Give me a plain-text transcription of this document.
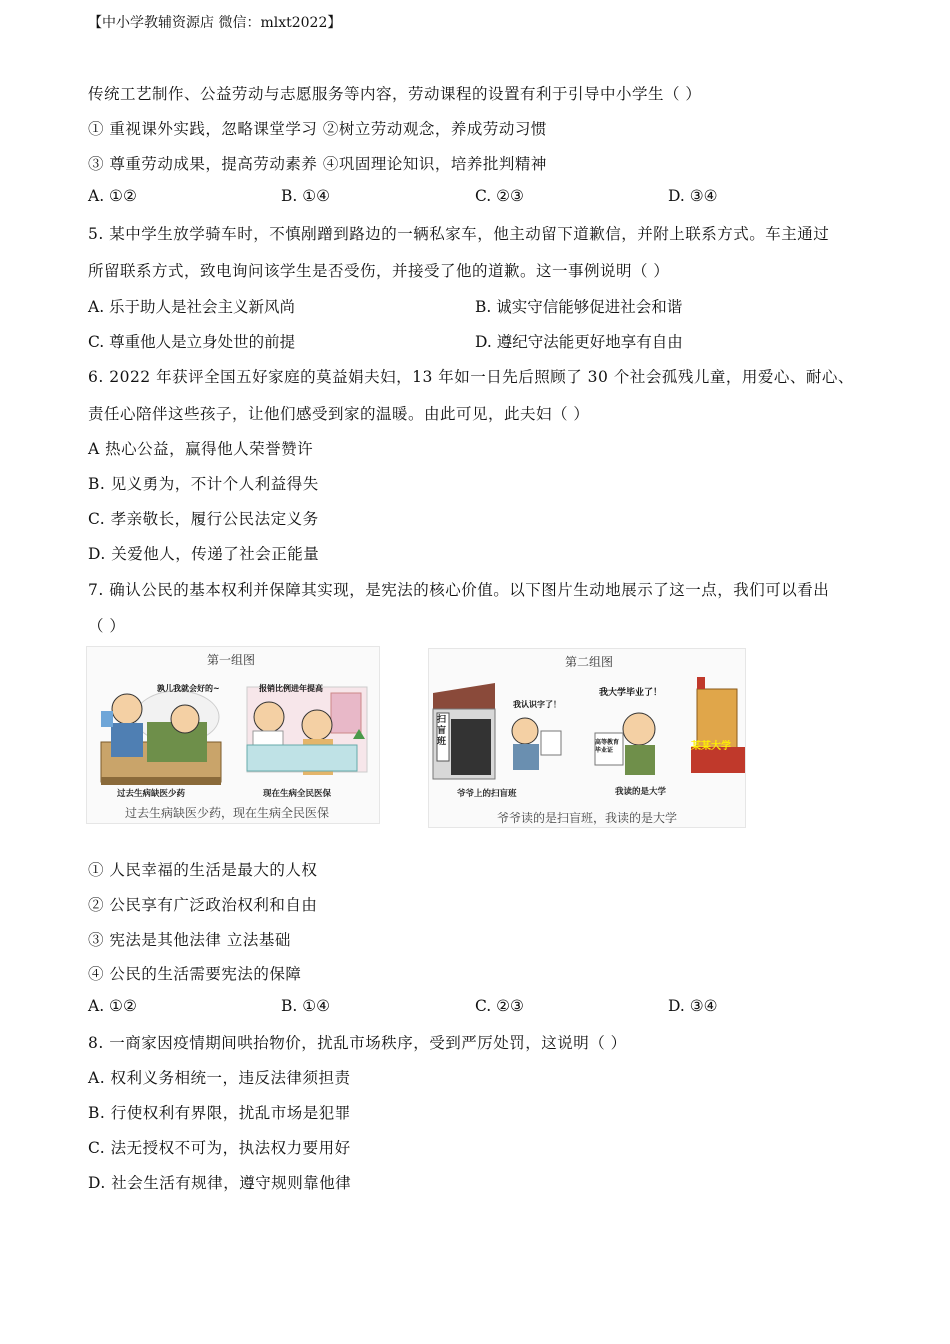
【中小学教辅资源店 微信：mlxt2022】
传统工艺制作、公益劳动与志愿服务等内容，劳动课程的设置有利于引导中小学生（ ）
① 重视课外实践，忽略课堂学习 ②树立劳动观念，养成劳动习惯
③ 尊重劳动成果，提高劳动素养 ④巩固理论知识，培养批判精神
A. ①②	B. ①④	C. ②③	D. ③④
5. 某中学生放学骑车时，不慎剐蹭到路边的一辆私家车，他主动留下道歉信，并附上联系方式。车主通过
所留联系方式，致电询问该学生是否受伤，并接受了他的道歉。这一事例说明（ ）
A. 乐于助人是社会主义新风尚	B. 诚实守信能够促进社会和谐
C. 尊重他人是立身处世的前提	D. 遵纪守法能更好地享有自由
6. 2022 年获评全国五好家庭的莫益娟夫妇，13 年如一日先后照顾了 30 个社会孤残儿童，用爱心、耐心、
责任心陪伴这些孩子，让他们感受到家的温暖。由此可见，此夫妇（ ）
A 热心公益，赢得他人荣誉赞许
B. 见义勇为，不计个人利益得失
C. 孝亲敬长，履行公民法定义务
D. 关爱他人，传递了社会正能量
7. 确认公民的基本权利并保障其实现，是宪法的核心价值。以下图片生动地展示了这一点，我们可以看出
（ ）
第一组图
孰儿我就会好的~	报销比例进年提高
过去生病缺医少药	现在生病全民医保
过去生病缺医少药，现在生病全民医保
第二组图
扫盲班
我认识字了！
我大学毕业了！
高等教育毕业证	某某大学
爷爷上的扫盲班	我读的是大学
爷爷读的是扫盲班，我读的是大学
① 人民幸福的生活是最大的人权
② 公民享有广泛政治权利和自由
③ 宪法是其他法律 立法基础
④ 公民的生活需要宪法的保障
A. ①②	B. ①④	C. ②③	D. ③④
8. 一商家因疫情期间哄抬物价，扰乱市场秩序，受到严厉处罚，这说明（ ）
A. 权利义务相统一，违反法律须担责
B. 行使权利有界限，扰乱市场是犯罪
C. 法无授权不可为，执法权力要用好
D. 社会生活有规律，遵守规则靠他律
